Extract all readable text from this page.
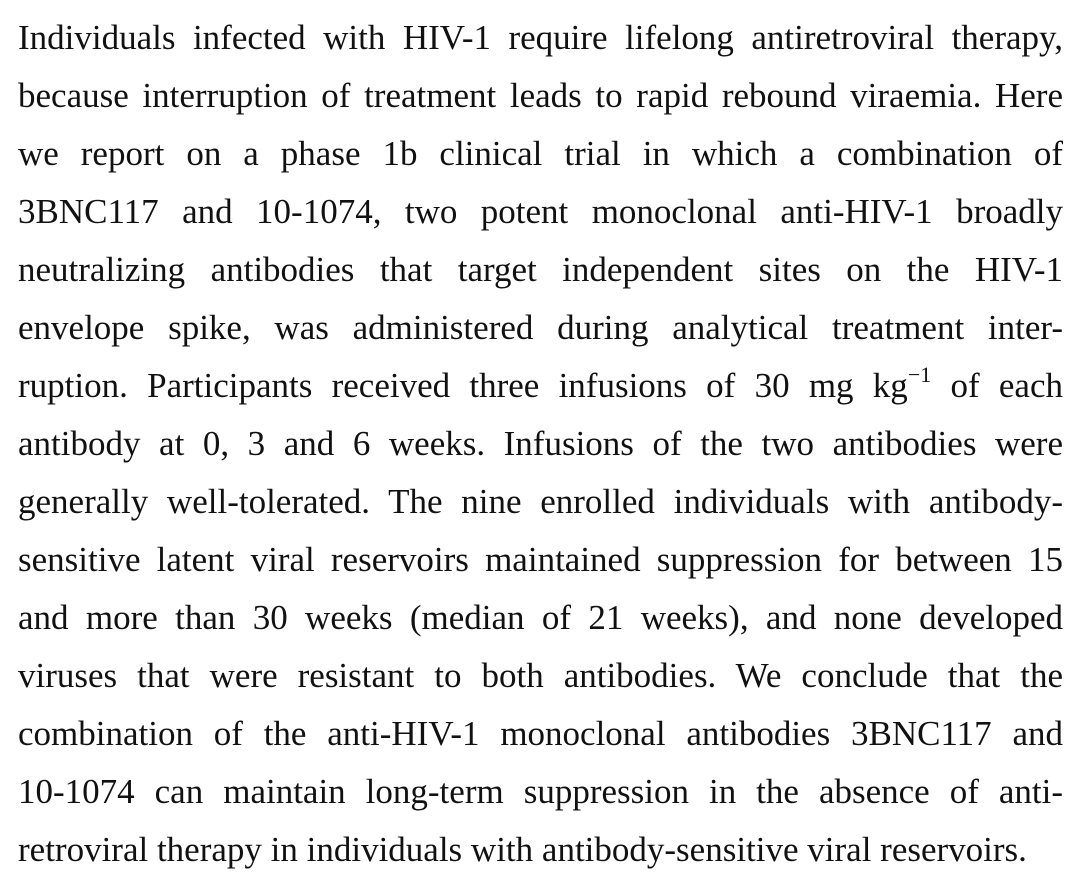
Individuals infected with HIV-1 require lifelong antiretroviral therapy,
because interruption of treatment leads to rapid rebound viraemia. Here
we report on a phase 1b clinical trial in which a combination of
3BNC117 and 10-1074, two potent monoclonal anti-HIV-1 broadly
neutralizing antibodies that target independent sites on the HIV-1
envelope spike, was administered during analytical treatment inter-
ruption. Participants received three infusions of 30 mg $kg^{-1}$ of each
antibody at 0, 3 and 6 weeks. Infusions of the two antibodies were
generally well-tolerated. The nine enrolled individuals with antibody-
sensitive latent viral reservoirs maintained suppression for between 15
and more than 30 weeks (median of 21 weeks), and none developed
viruses that were resistant to both antibodies. We conclude that the
combination of the anti-HIV-1 monoclonal antibodies 3BNC117 and
10-1074 can maintain long-term suppression in the absence of anti-
retroviral therapy in individuals with antibody-sensitive viral reservoirs.
